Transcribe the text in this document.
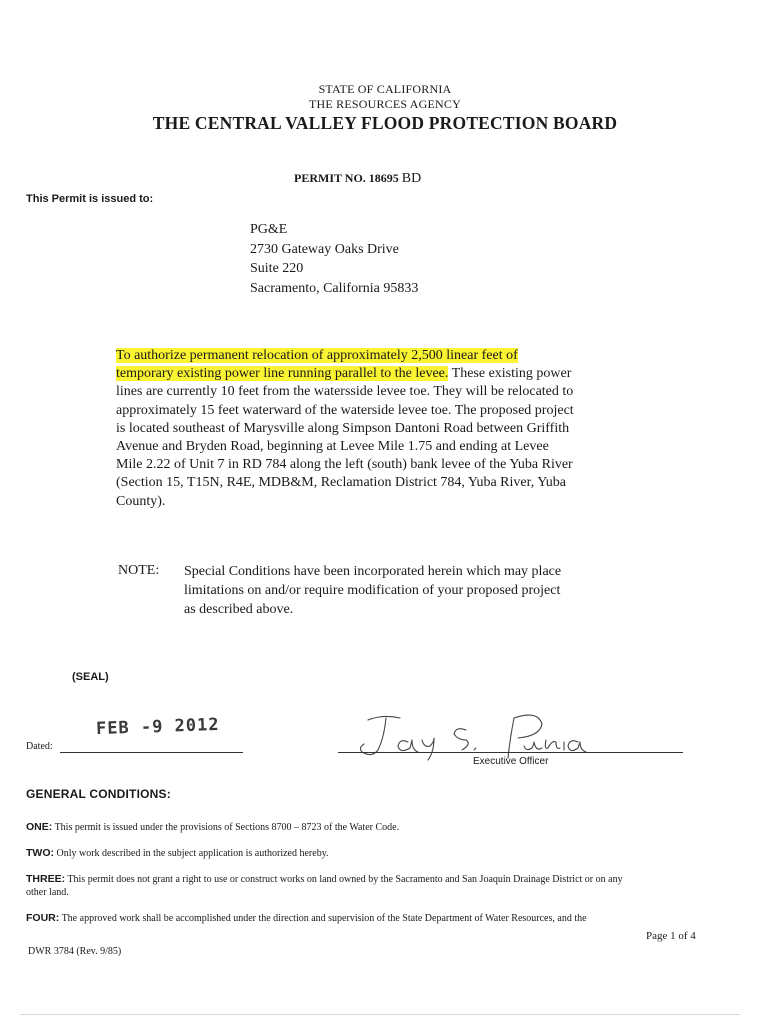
STATE OF CALIFORNIA
THE RESOURCES AGENCY
THE CENTRAL VALLEY FLOOD PROTECTION BOARD
PERMIT NO. 18695 BD
This Permit is issued to:
PG&E
2730 Gateway Oaks Drive
Suite 220
Sacramento, California 95833
To authorize permanent relocation of approximately 2,500 linear feet of
temporary existing power line running parallel to the levee. These existing power
lines are currently 10 feet from the watersside levee toe. They will be relocated to
approximately 15 feet waterward of the waterside levee toe. The proposed project
is located southeast of Marysville along Simpson Dantoni Road between Griffith
Avenue and Bryden Road, beginning at Levee Mile 1.75 and ending at Levee
Mile 2.22 of Unit 7 in RD 784 along the left (south) bank levee of the Yuba River
(Section 15, T15N, R4E, MDB&M, Reclamation District 784, Yuba River, Yuba
County).
NOTE: Special Conditions have been incorporated herein which may place
limitations on and/or require modification of your proposed project
as described above.
(SEAL)
Dated:
FEB -9 2012
Executive Officer
GENERAL CONDITIONS:
ONE: This permit is issued under the provisions of Sections 8700 – 8723 of the Water Code.
TWO: Only work described in the subject application is authorized hereby.
THREE: This permit does not grant a right to use or construct works on land owned by the Sacramento and San Joaquin Drainage District or on any
other land.
FOUR: The approved work shall be accomplished under the direction and supervision of the State Department of Water Resources, and the
Page 1 of 4
DWR 3784 (Rev. 9/85)
